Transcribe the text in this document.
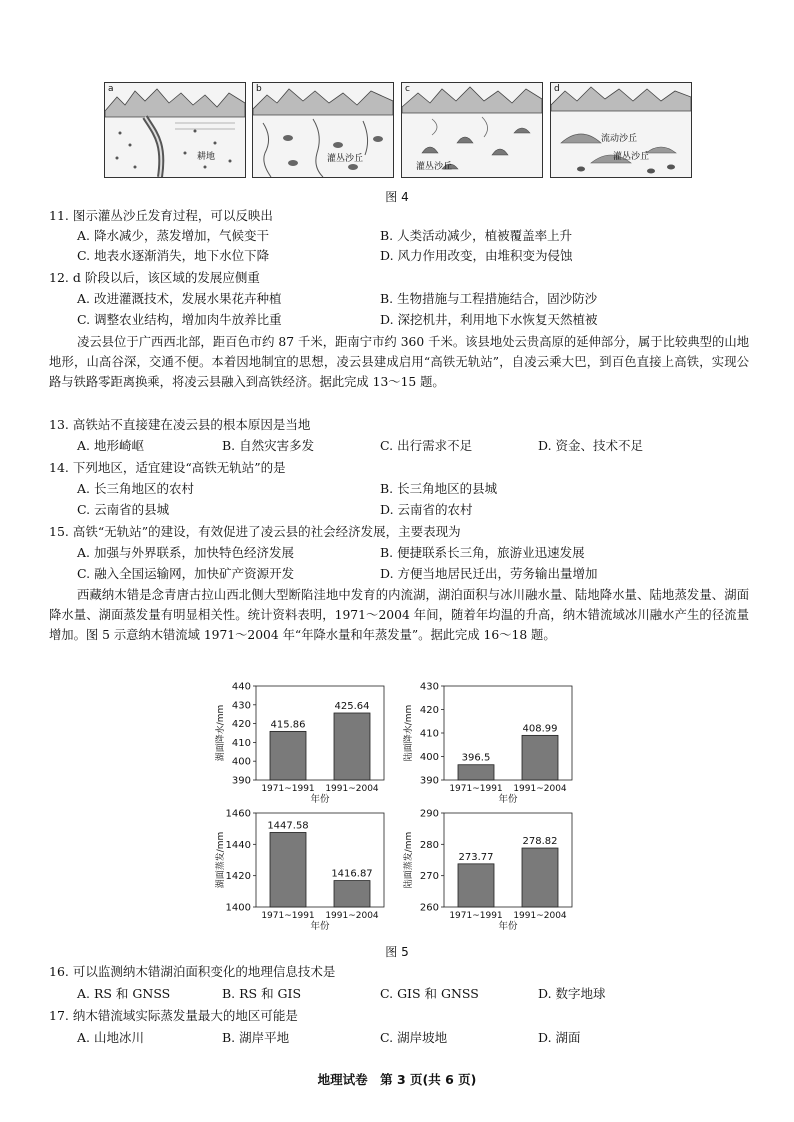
a
耕地
b
灌丛沙丘
c
灌丛沙丘
d
流动沙丘
灌丛沙丘
图 4
11. 图示灌丛沙丘发育过程，可以反映出
A. 降水减少，蒸发增加，气候变干	B. 人类活动减少，植被覆盖率上升
C. 地表水逐渐消失，地下水位下降	D. 风力作用改变，由堆积变为侵蚀
12. d 阶段以后，该区域的发展应侧重
A. 改进灌溉技术，发展水果花卉种植	B. 生物措施与工程措施结合，固沙防沙
C. 调整农业结构，增加肉牛放养比重	D. 深挖机井，利用地下水恢复天然植被
凌云县位于广西西北部，距百色市约 87 千米，距南宁市约 360 千米。该县地处云贵高原的延伸部分，属于比较典型的山地地形，山高谷深，交通不便。本着因地制宜的思想，凌云县建成启用“高铁无轨站”，自凌云乘大巴，到百色直接上高铁，实现公路与铁路零距离换乘，将凌云县融入到高铁经济。据此完成 13～15 题。
13. 高铁站不直接建在凌云县的根本原因是当地
A. 地形崎岖	B. 自然灾害多发	C. 出行需求不足	D. 资金、技术不足
14. 下列地区，适宜建设“高铁无轨站”的是
A. 长三角地区的农村	B. 长三角地区的县城
C. 云南省的县城	D. 云南省的农村
15. 高铁“无轨站”的建设，有效促进了凌云县的社会经济发展，主要表现为
A. 加强与外界联系，加快特色经济发展	B. 便捷联系长三角，旅游业迅速发展
C. 融入全国运输网，加快矿产资源开发	D. 方便当地居民迁出，劳务输出量增加
西藏纳木错是念青唐古拉山西北侧大型断陷洼地中发育的内流湖，湖泊面积与冰川融水量、陆地降水量、陆地蒸发量、湖面降水量、湖面蒸发量有明显相关性。统计资料表明，1971～2004 年间，随着年均温的升高，纳木错流域冰川融水产生的径流量增加。图 5 示意纳木错流域 1971～2004 年“年降水量和年蒸发量”。据此完成 16～18 题。
390
400
410
420
430
440
湖面降水/mm	415.86
1971~1991
425.64
1991~2004
年份
390
400
410
420
430
陆面降水/mm	396.5
1971~1991
408.99
1991~2004
年份
1400
1420
1440
1460
湖面蒸发/mm
1447.58
1971~1991
1416.87
1991~2004
年份
260
270
280
290
陆面蒸发/mm	273.77
1971~1991
278.82
1991~2004
年份
图 5
16. 可以监测纳木错湖泊面积变化的地理信息技术是
A. RS 和 GNSS	B. RS 和 GIS	C. GIS 和 GNSS	D. 数字地球
17. 纳木错流域实际蒸发量最大的地区可能是
A. 山地冰川	B. 湖岸平地	C. 湖岸坡地	D. 湖面
地理试卷　第 3 页(共 6 页)
